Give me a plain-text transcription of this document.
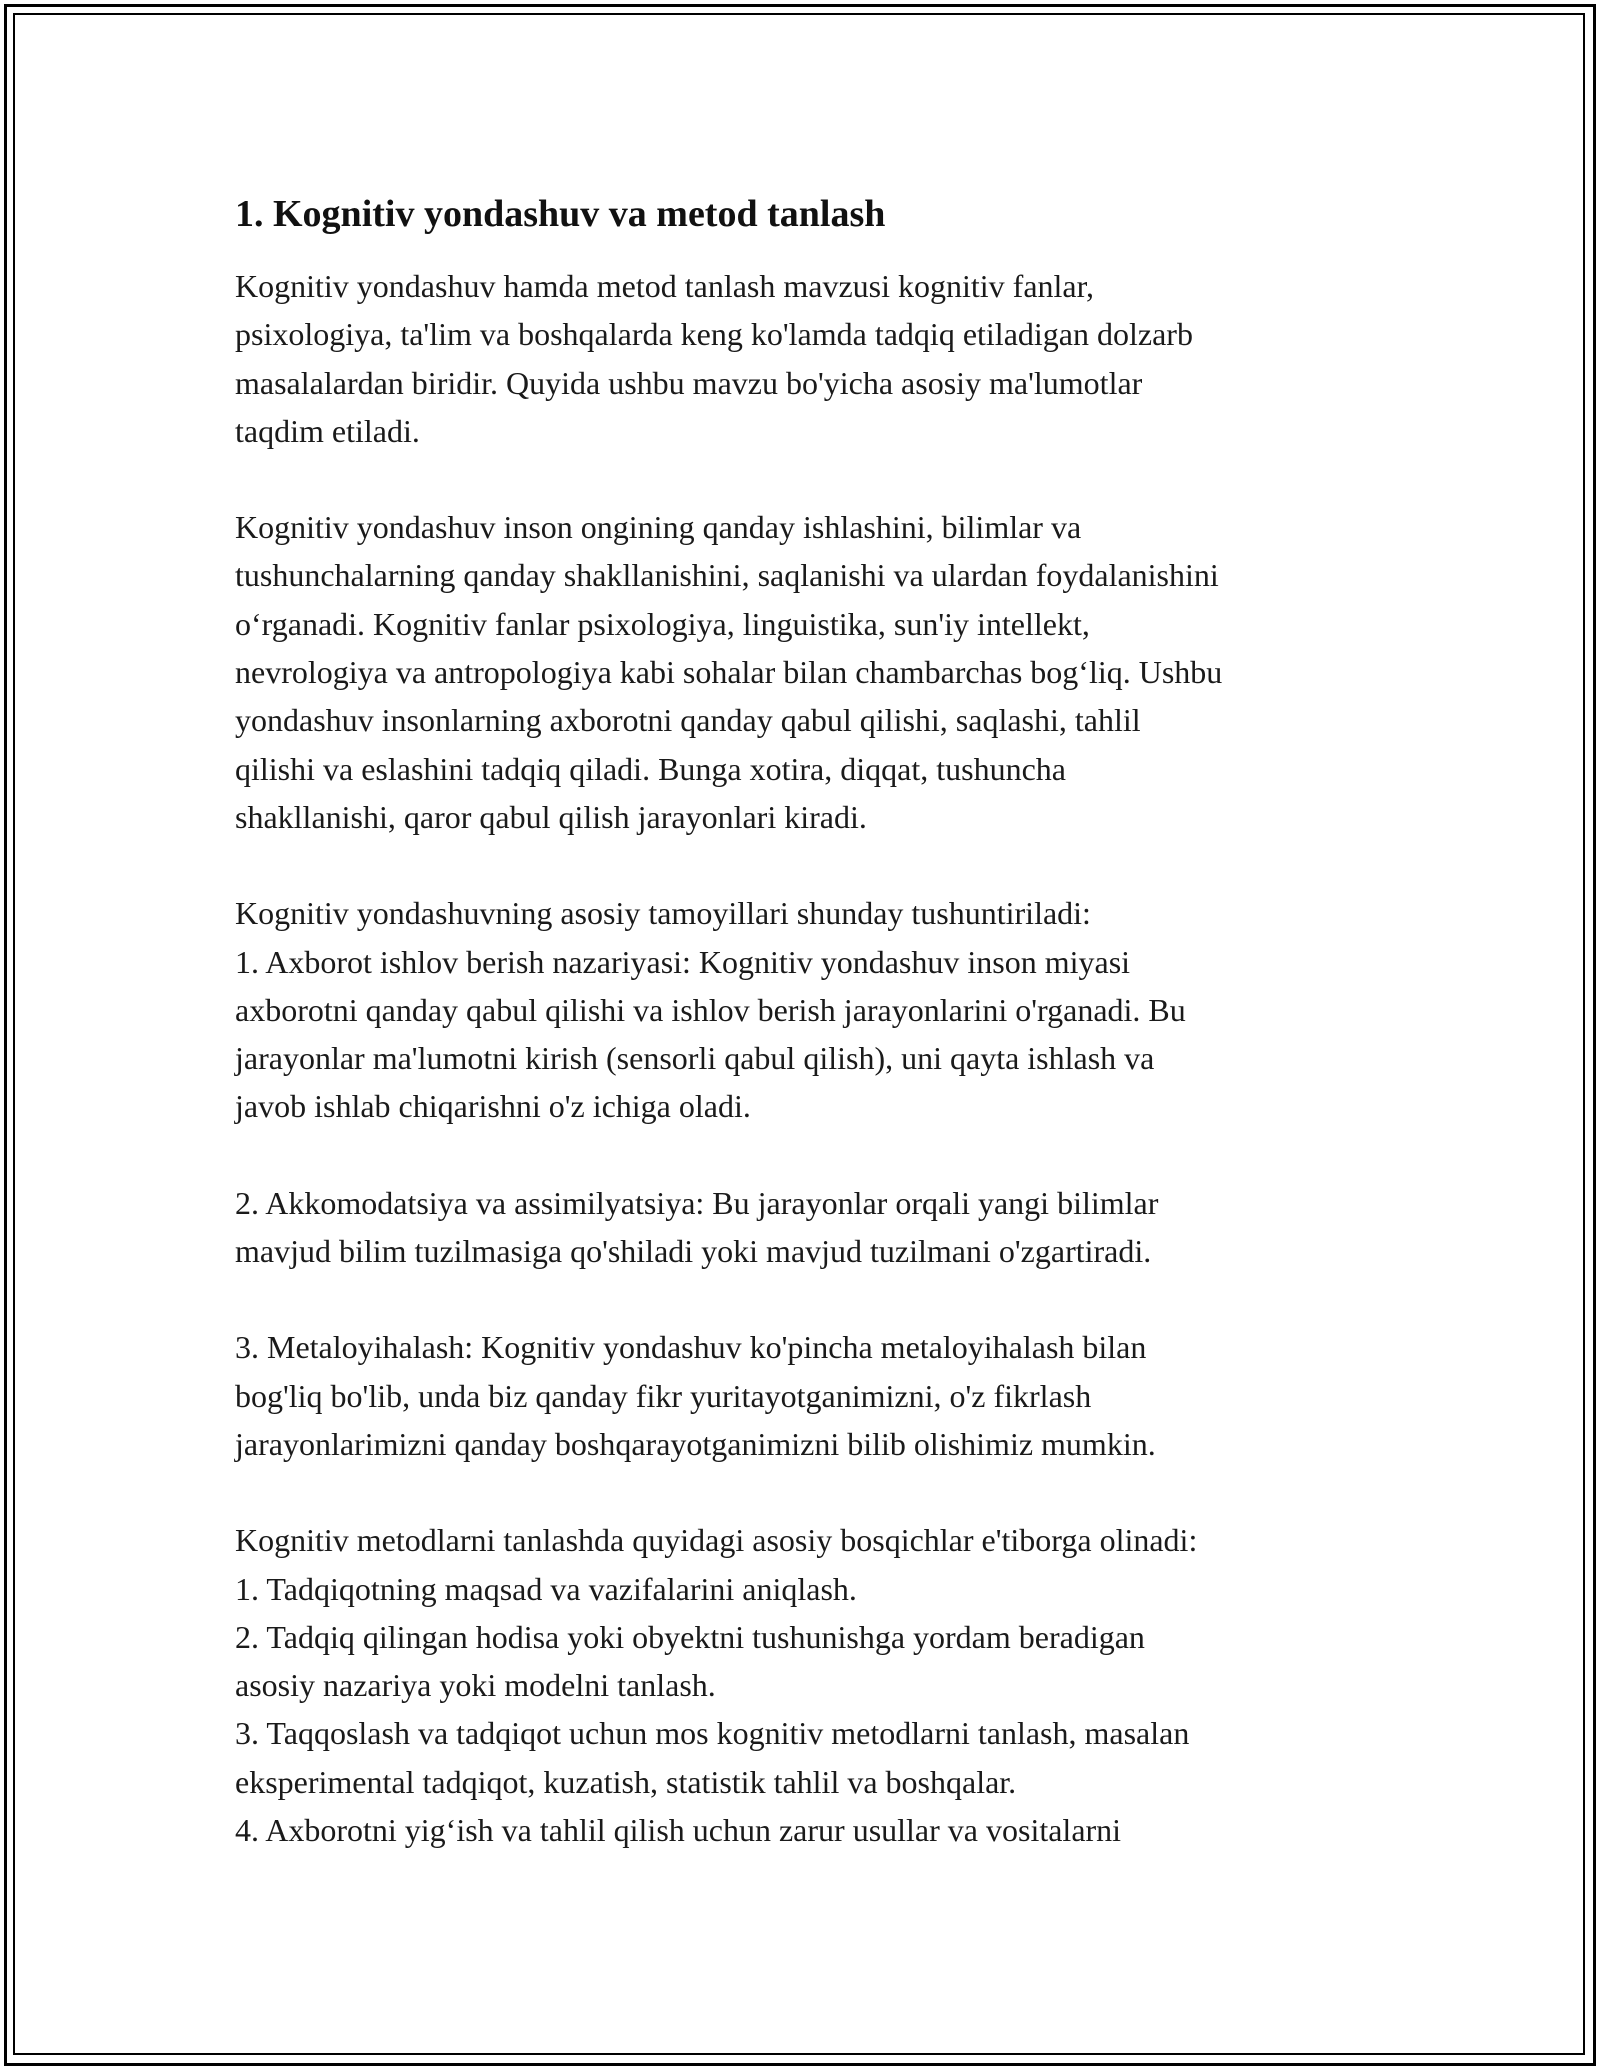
1. Kognitiv yondashuv va metod tanlash
Kognitiv yondashuv hamda metod tanlash mavzusi kognitiv fanlar,
psixologiya, ta'lim va boshqalarda keng ko'lamda tadqiq etiladigan dolzarb
masalalardan biridir. Quyida ushbu mavzu bo'yicha asosiy ma'lumotlar
taqdim etiladi.
Kognitiv yondashuv inson ongining qanday ishlashini, bilimlar va
tushunchalarning qanday shakllanishini, saqlanishi va ulardan foydalanishini
o‘rganadi. Kognitiv fanlar psixologiya, linguistika, sun'iy intellekt,
nevrologiya va antropologiya kabi sohalar bilan chambarchas bog‘liq. Ushbu
yondashuv insonlarning axborotni qanday qabul qilishi, saqlashi, tahlil
qilishi va eslashini tadqiq qiladi. Bunga xotira, diqqat, tushuncha
shakllanishi, qaror qabul qilish jarayonlari kiradi.
Kognitiv yondashuvning asosiy tamoyillari shunday tushuntiriladi:
1. Axborot ishlov berish nazariyasi: Kognitiv yondashuv inson miyasi
axborotni qanday qabul qilishi va ishlov berish jarayonlarini o'rganadi. Bu
jarayonlar ma'lumotni kirish (sensorli qabul qilish), uni qayta ishlash va
javob ishlab chiqarishni o'z ichiga oladi.
2. Akkomodatsiya va assimilyatsiya: Bu jarayonlar orqali yangi bilimlar
mavjud bilim tuzilmasiga qo'shiladi yoki mavjud tuzilmani o'zgartiradi.
3. Metaloyihalash: Kognitiv yondashuv ko'pincha metaloyihalash bilan
bog'liq bo'lib, unda biz qanday fikr yuritayotganimizni, o'z fikrlash
jarayonlarimizni qanday boshqarayotganimizni bilib olishimiz mumkin.
Kognitiv metodlarni tanlashda quyidagi asosiy bosqichlar e'tiborga olinadi:
1. Tadqiqotning maqsad va vazifalarini aniqlash.
2. Tadqiq qilingan hodisa yoki obyektni tushunishga yordam beradigan
asosiy nazariya yoki modelni tanlash.
3. Taqqoslash va tadqiqot uchun mos kognitiv metodlarni tanlash, masalan
eksperimental tadqiqot, kuzatish, statistik tahlil va boshqalar.
4. Axborotni yig‘ish va tahlil qilish uchun zarur usullar va vositalarni
